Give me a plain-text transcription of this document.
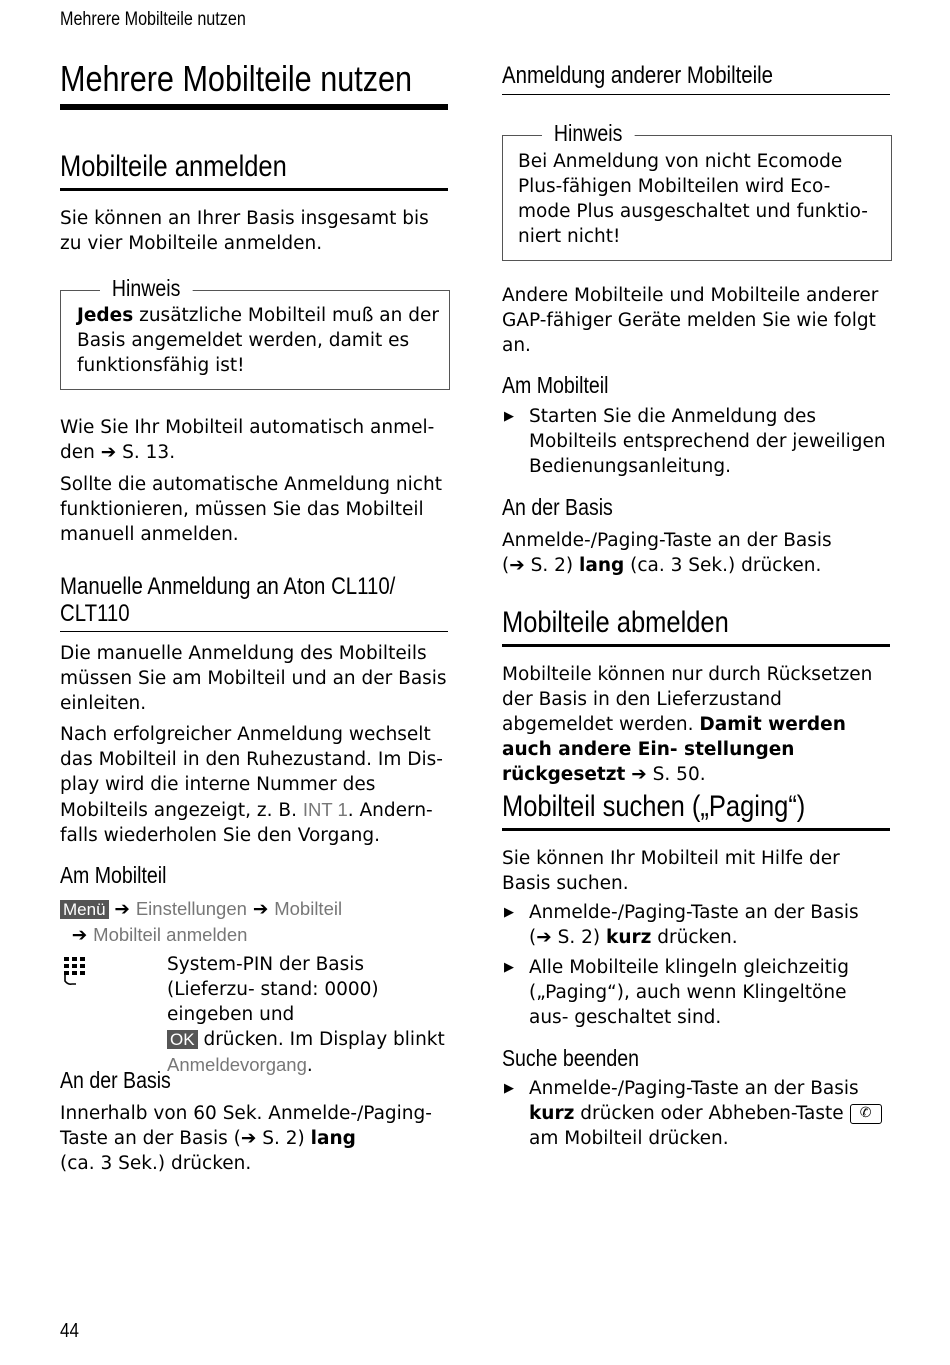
Mehrere Mobilteile nutzen
Mehrere Mobilteile nutzen
Mobilteile anmelden
Sie können an Ihrer Basis insgesamt bis zu vier Mobilteile anmelden.
Hinweis
Jedes zusätzliche Mobilteil muß an der Basis angemeldet werden, damit es funktionsfähig ist!
Wie Sie Ihr Mobilteil automatisch anmel-
den ➔ S. 13.
Sollte die automatische Anmeldung nicht funktionieren, müssen Sie das Mobilteil manuell anmelden.
Manuelle Anmeldung an Aton CL110/
CLT110
Die manuelle Anmeldung des Mobilteils müssen Sie am Mobilteil und an der Basis einleiten.
Nach erfolgreicher Anmeldung wechselt das Mobilteil in den Ruhezustand. Im Dis- play wird die interne Nummer des Mobilteils angezeigt, z. B. INT 1. Andern- falls wiederholen Sie den Vorgang.
Am Mobilteil
Menü ➔ Einstellungen ➔ Mobilteil
➔ Mobilteil anmelden
System-PIN der Basis (Lieferzu- stand: 0000) eingeben und
OK drücken. Im Display blinkt
Anmeldevorgang.
An der Basis
Innerhalb von 60 Sek. Anmelde-/Paging- Taste an der Basis (➔ S. 2) lang
(ca. 3 Sek.) drücken.
Anmeldung anderer Mobilteile
Hinweis
Bei Anmeldung von nicht Ecomode Plus-fähigen Mobilteilen wird Eco- mode Plus ausgeschaltet und funktio- niert nicht!
Andere Mobilteile und Mobilteile anderer GAP-fähiger Geräte melden Sie wie folgt an.
Am Mobilteil
▶ Starten Sie die Anmeldung des Mobilteils entsprechend der jeweiligen Bedienungsanleitung.
An der Basis
Anmelde-/Paging-Taste an der Basis
(➔ S. 2) lang (ca. 3 Sek.) drücken.
Mobilteile abmelden
Mobilteile können nur durch Rücksetzen der Basis in den Lieferzustand abgemeldet werden. Damit werden auch andere Ein- stellungen rückgesetzt ➔ S. 50.
Mobilteil suchen („Paging“)
Sie können Ihr Mobilteil mit Hilfe der Basis suchen.
▶ Anmelde-/Paging-Taste an der Basis
(➔ S. 2) kurz drücken.
▶ Alle Mobilteile klingeln gleichzeitig („Paging“), auch wenn Klingeltöne aus- geschaltet sind.
Suche beenden
▶ Anmelde-/Paging-Taste an der Basis
kurz drücken oder Abheben-Taste ✆
am Mobilteil drücken.
44
